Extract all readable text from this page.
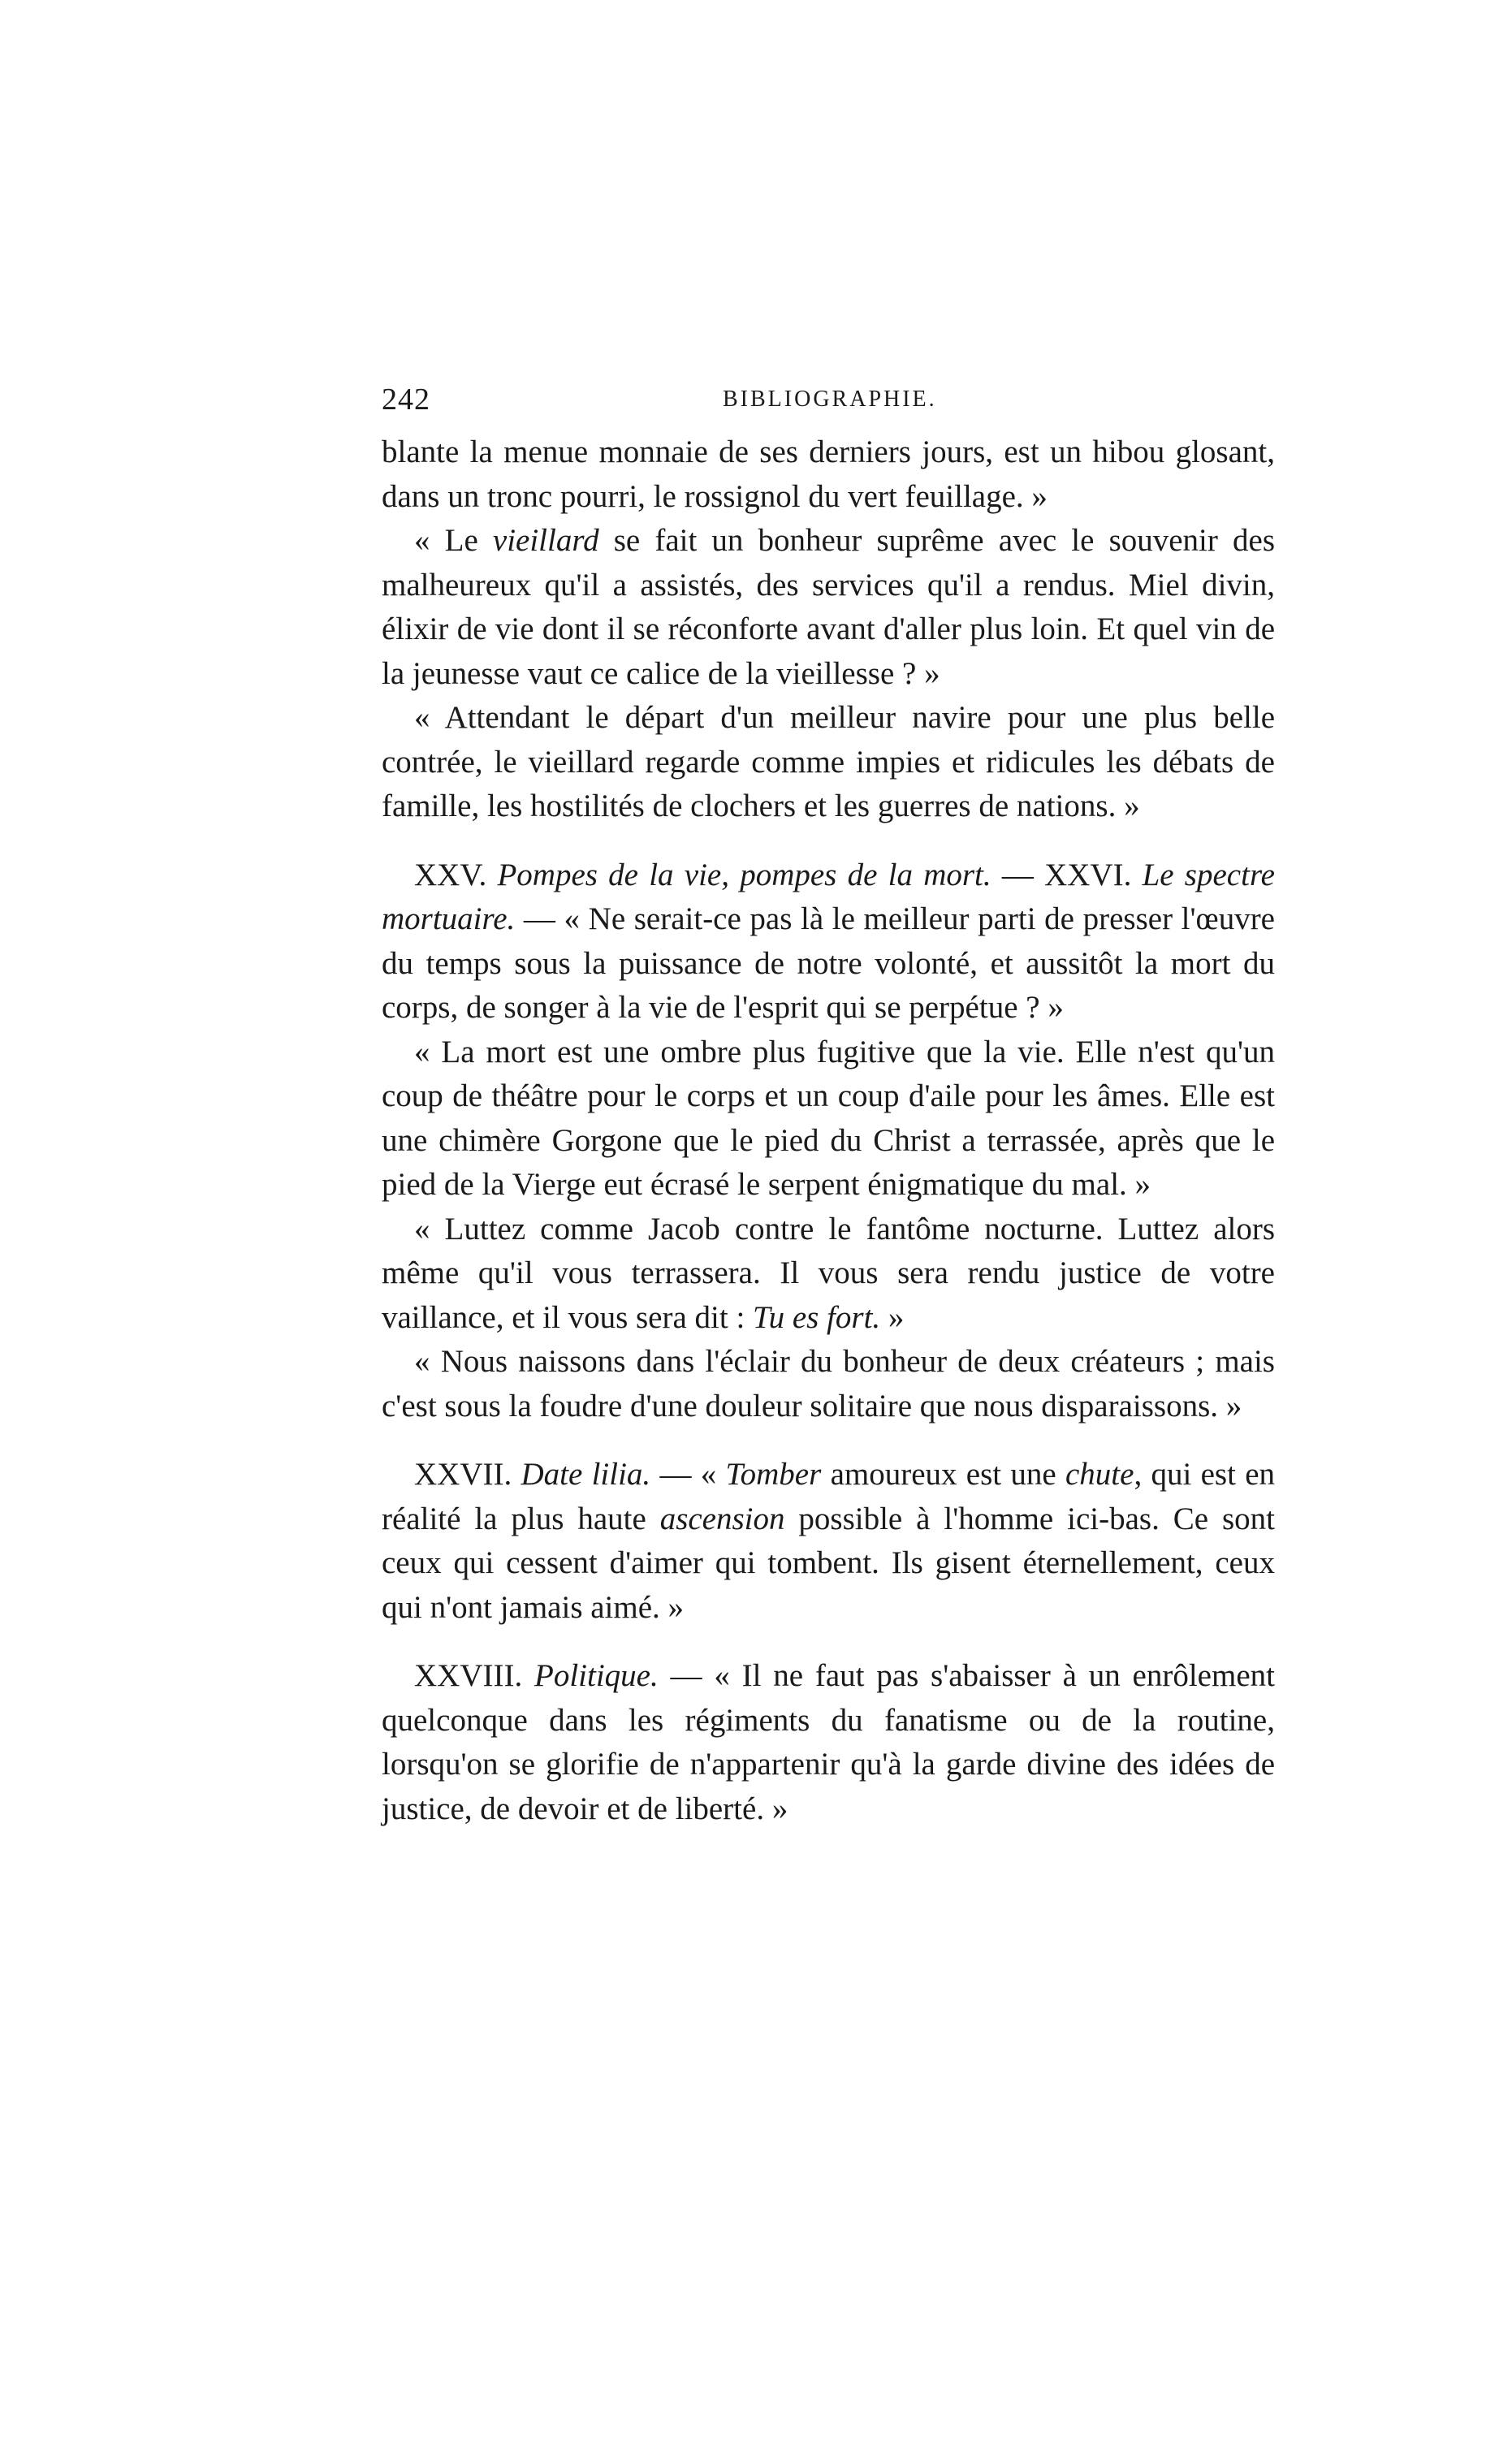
242	BIBLIOGRAPHIE.

blante la menue monnaie de ses derniers jours, est un hibou glosant, dans un tronc pourri, le rossignol du vert feuillage. »

« Le vieillard se fait un bonheur suprême avec le souvenir des malheureux qu'il a assistés, des services qu'il a rendus. Miel divin, élixir de vie dont il se réconforte avant d'aller plus loin. Et quel vin de la jeunesse vaut ce calice de la vieillesse ? »

« Attendant le départ d'un meilleur navire pour une plus belle contrée, le vieillard regarde comme impies et ridicules les débats de famille, les hostilités de clochers et les guerres de nations. »

XXV. Pompes de la vie, pompes de la mort. — XXVI. Le spectre mortuaire. — « Ne serait-ce pas là le meilleur parti de presser l'œuvre du temps sous la puissance de notre volonté, et aussitôt la mort du corps, de songer à la vie de l'esprit qui se perpétue ? »

« La mort est une ombre plus fugitive que la vie. Elle n'est qu'un coup de théâtre pour le corps et un coup d'aile pour les âmes. Elle est une chimère Gorgone que le pied du Christ a terrassée, après que le pied de la Vierge eut écrasé le serpent énigmatique du mal. »

« Luttez comme Jacob contre le fantôme nocturne. Luttez alors même qu'il vous terrassera. Il vous sera rendu justice de votre vaillance, et il vous sera dit : Tu es fort. »

« Nous naissons dans l'éclair du bonheur de deux créateurs ; mais c'est sous la foudre d'une douleur solitaire que nous disparaissons. »

XXVII. Date lilia. — « Tomber amoureux est une chute, qui est en réalité la plus haute ascension possible à l'homme ici-bas. Ce sont ceux qui cessent d'aimer qui tombent. Ils gisent éternellement, ceux qui n'ont jamais aimé. »

XXVIII. Politique. — « Il ne faut pas s'abaisser à un enrôlement quelconque dans les régiments du fanatisme ou de la routine, lorsqu'on se glorifie de n'appartenir qu'à la garde divine des idées de justice, de devoir et de liberté. »
